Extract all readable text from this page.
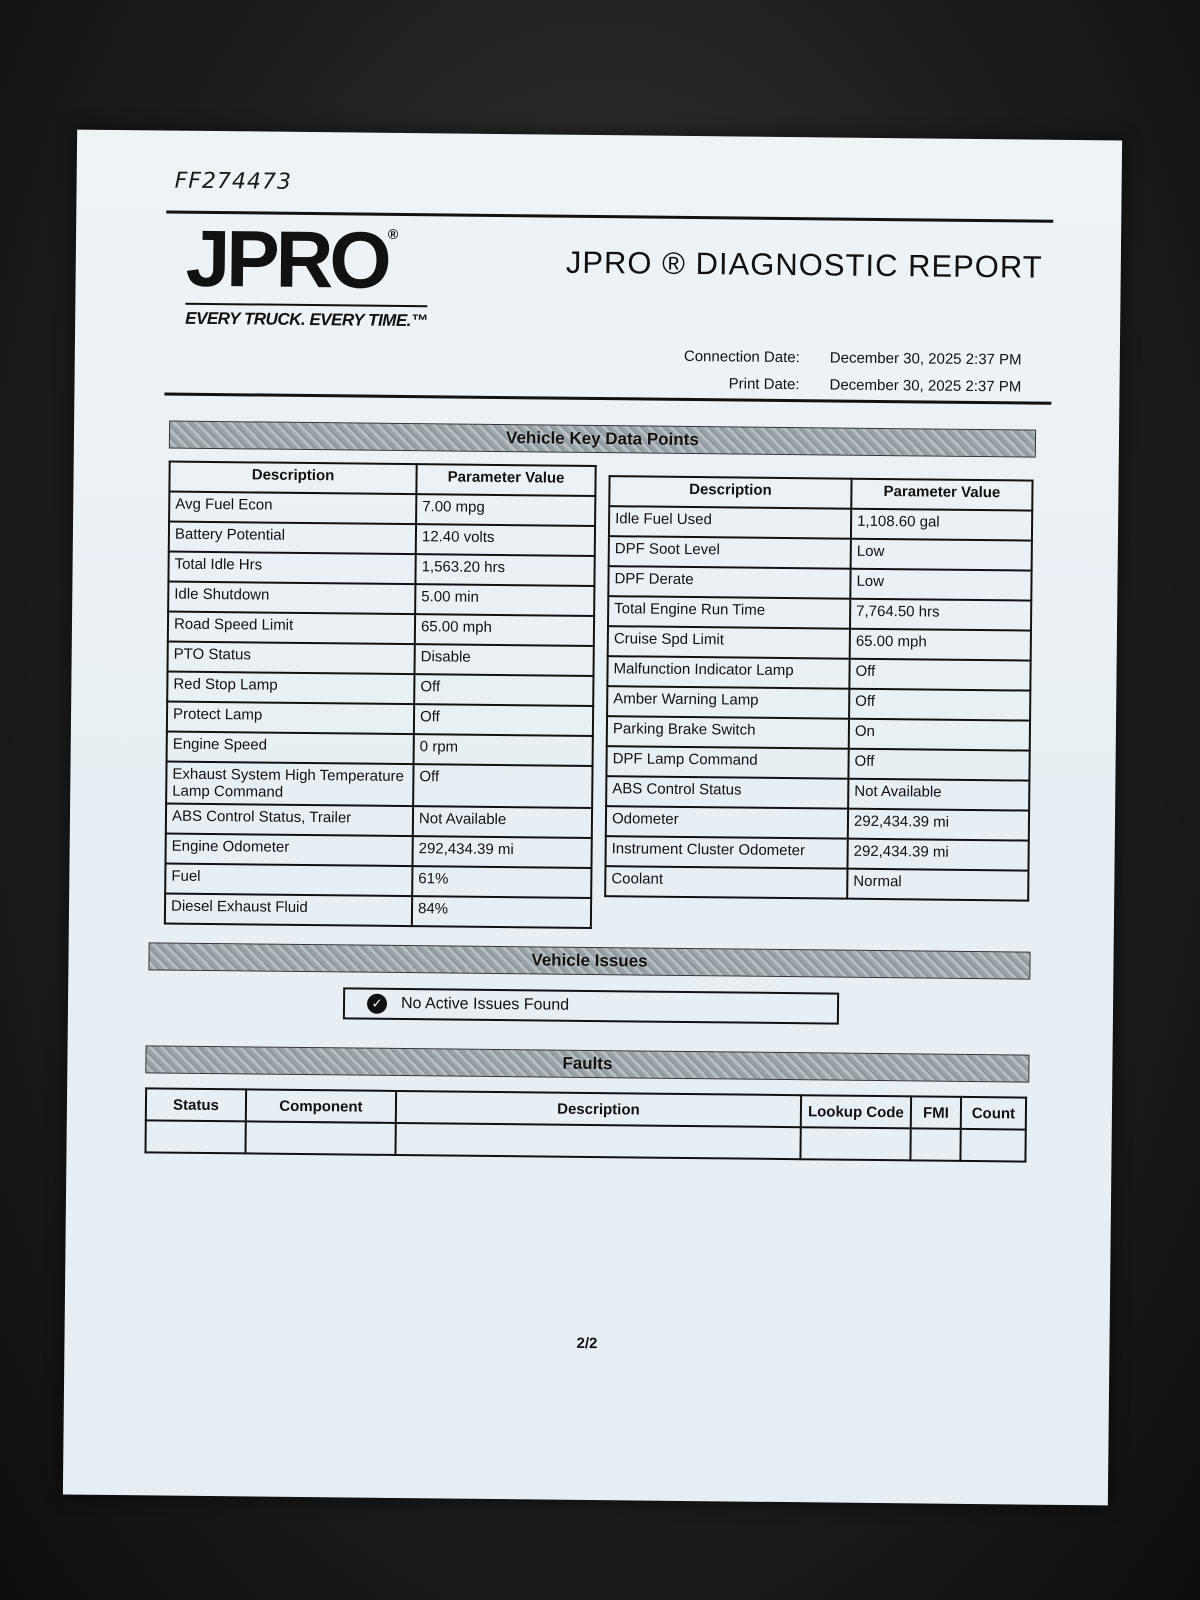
FF274473
JPRO®
EVERY TRUCK. EVERY TIME.™
JPRO ® DIAGNOSTIC REPORT
Connection Date: December 30, 2025 2:37 PM
Print Date: December 30, 2025 2:37 PM
Vehicle Key Data Points
Description	Parameter Value
Avg Fuel Econ	7.00 mpg
Battery Potential	12.40 volts
Total Idle Hrs	1,563.20 hrs
Idle Shutdown	5.00 min
Road Speed Limit	65.00 mph
PTO Status	Disable
Red Stop Lamp	Off
Protect Lamp	Off
Engine Speed	0 rpm
Exhaust System High Temperature Lamp Command	Off
ABS Control Status, Trailer	Not Available
Engine Odometer	292,434.39 mi
Fuel	61%
Diesel Exhaust Fluid	84%
Description	Parameter Value
Idle Fuel Used	1,108.60 gal
DPF Soot Level	Low
DPF Derate	Low
Total Engine Run Time	7,764.50 hrs
Cruise Spd Limit	65.00 mph
Malfunction Indicator Lamp	Off
Amber Warning Lamp	Off
Parking Brake Switch	On
DPF Lamp Command	Off
ABS Control Status	Not Available
Odometer	292,434.39 mi
Instrument Cluster Odometer	292,434.39 mi
Coolant	Normal
Vehicle Issues
✓ No Active Issues Found
Faults
Status	Component	Description	Lookup Code	FMI	Count

2/2
